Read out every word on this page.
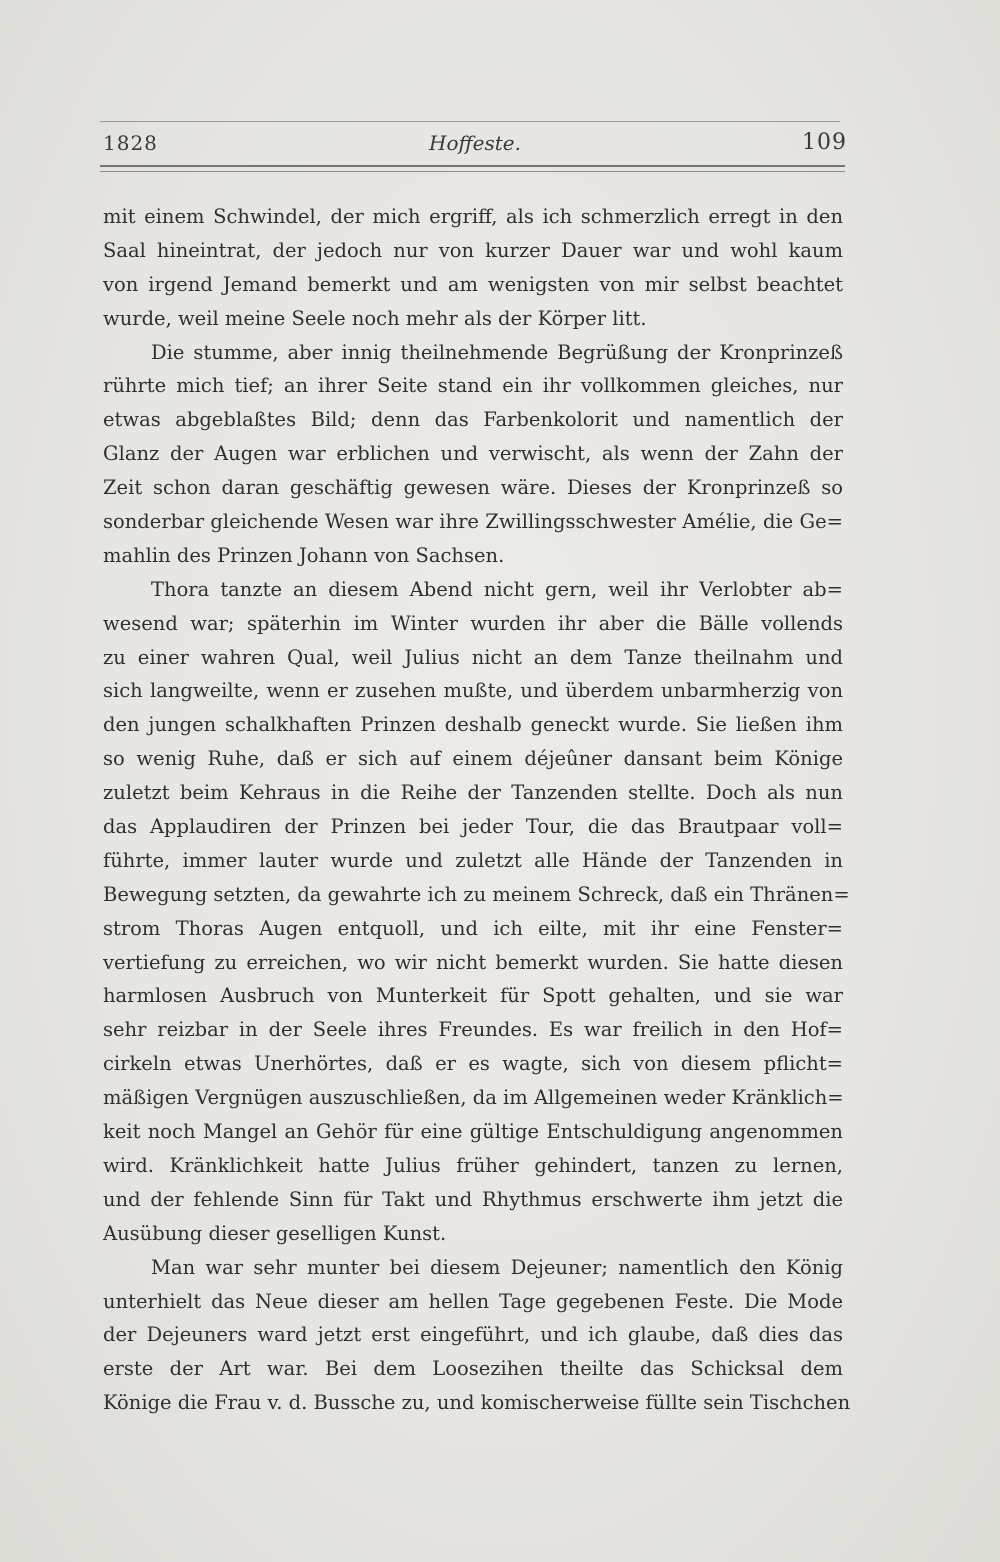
Hoffeste.
1828	109
mit einem Schwindel, der mich ergriff, als ich schmerzlich erregt in den
Saal hineintrat, der jedoch nur von kurzer Dauer war und wohl kaum
von irgend Jemand bemerkt und am wenigsten von mir selbst beachtet
wurde, weil meine Seele noch mehr als der Körper litt.
Die stumme, aber innig theilnehmende Begrüßung der Kronprinzeß
rührte mich tief; an ihrer Seite stand ein ihr vollkommen gleiches, nur
etwas abgeblaßtes Bild; denn das Farbenkolorit und namentlich der
Glanz der Augen war erblichen und verwischt, als wenn der Zahn der
Zeit schon daran geschäftig gewesen wäre. Dieses der Kronprinzeß so
sonderbar gleichende Wesen war ihre Zwillingsschwester Amélie, die Ge=
mahlin des Prinzen Johann von Sachsen.
Thora tanzte an diesem Abend nicht gern, weil ihr Verlobter ab=
wesend war; späterhin im Winter wurden ihr aber die Bälle vollends
zu einer wahren Qual, weil Julius nicht an dem Tanze theilnahm und
sich langweilte, wenn er zusehen mußte, und überdem unbarmherzig von
den jungen schalkhaften Prinzen deshalb geneckt wurde. Sie ließen ihm
so wenig Ruhe, daß er sich auf einem déjeûner dansant beim Könige
zuletzt beim Kehraus in die Reihe der Tanzenden stellte. Doch als nun
das Applaudiren der Prinzen bei jeder Tour, die das Brautpaar voll=
führte, immer lauter wurde und zuletzt alle Hände der Tanzenden in
Bewegung setzten, da gewahrte ich zu meinem Schreck, daß ein Thränen=
strom Thoras Augen entquoll, und ich eilte, mit ihr eine Fenster=
vertiefung zu erreichen, wo wir nicht bemerkt wurden. Sie hatte diesen
harmlosen Ausbruch von Munterkeit für Spott gehalten, und sie war
sehr reizbar in der Seele ihres Freundes. Es war freilich in den Hof=
cirkeln etwas Unerhörtes, daß er es wagte, sich von diesem pflicht=
mäßigen Vergnügen auszuschließen, da im Allgemeinen weder Kränklich=
keit noch Mangel an Gehör für eine gültige Entschuldigung angenommen
wird. Kränklichkeit hatte Julius früher gehindert, tanzen zu lernen,
und der fehlende Sinn für Takt und Rhythmus erschwerte ihm jetzt die
Ausübung dieser geselligen Kunst.
Man war sehr munter bei diesem Dejeuner; namentlich den König
unterhielt das Neue dieser am hellen Tage gegebenen Feste. Die Mode
der Dejeuners ward jetzt erst eingeführt, und ich glaube, daß dies das
erste der Art war. Bei dem Loosezihen theilte das Schicksal dem
Könige die Frau v. d. Bussche zu, und komischerweise füllte sein Tischchen
